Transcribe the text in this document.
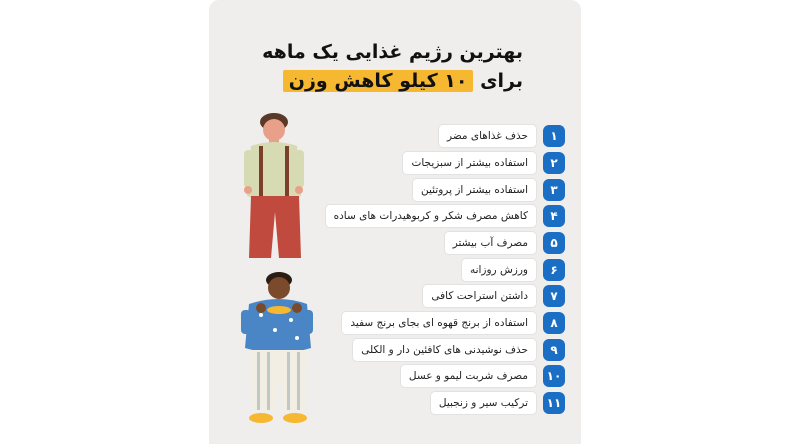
بهترین رژیم غذایی یک ماهه
برای ۱۰ کیلو کاهش وزن
۱
حذف غذاهای مضر
۲
استفاده بیشتر از سبزیجات
۳
استفاده بیشتر از پروتئین
۴
کاهش مصرف شکر و کربوهیدرات های ساده
۵
مصرف آب بیشتر
۶
ورزش روزانه
۷
داشتن استراحت کافی
۸
استفاده از برنج قهوه ای بجای برنج سفید
۹
حذف نوشیدنی های کافئین دار و الکلی
۱۰
مصرف شربت لیمو و عسل
۱۱
ترکیب سیر و زنجبیل
